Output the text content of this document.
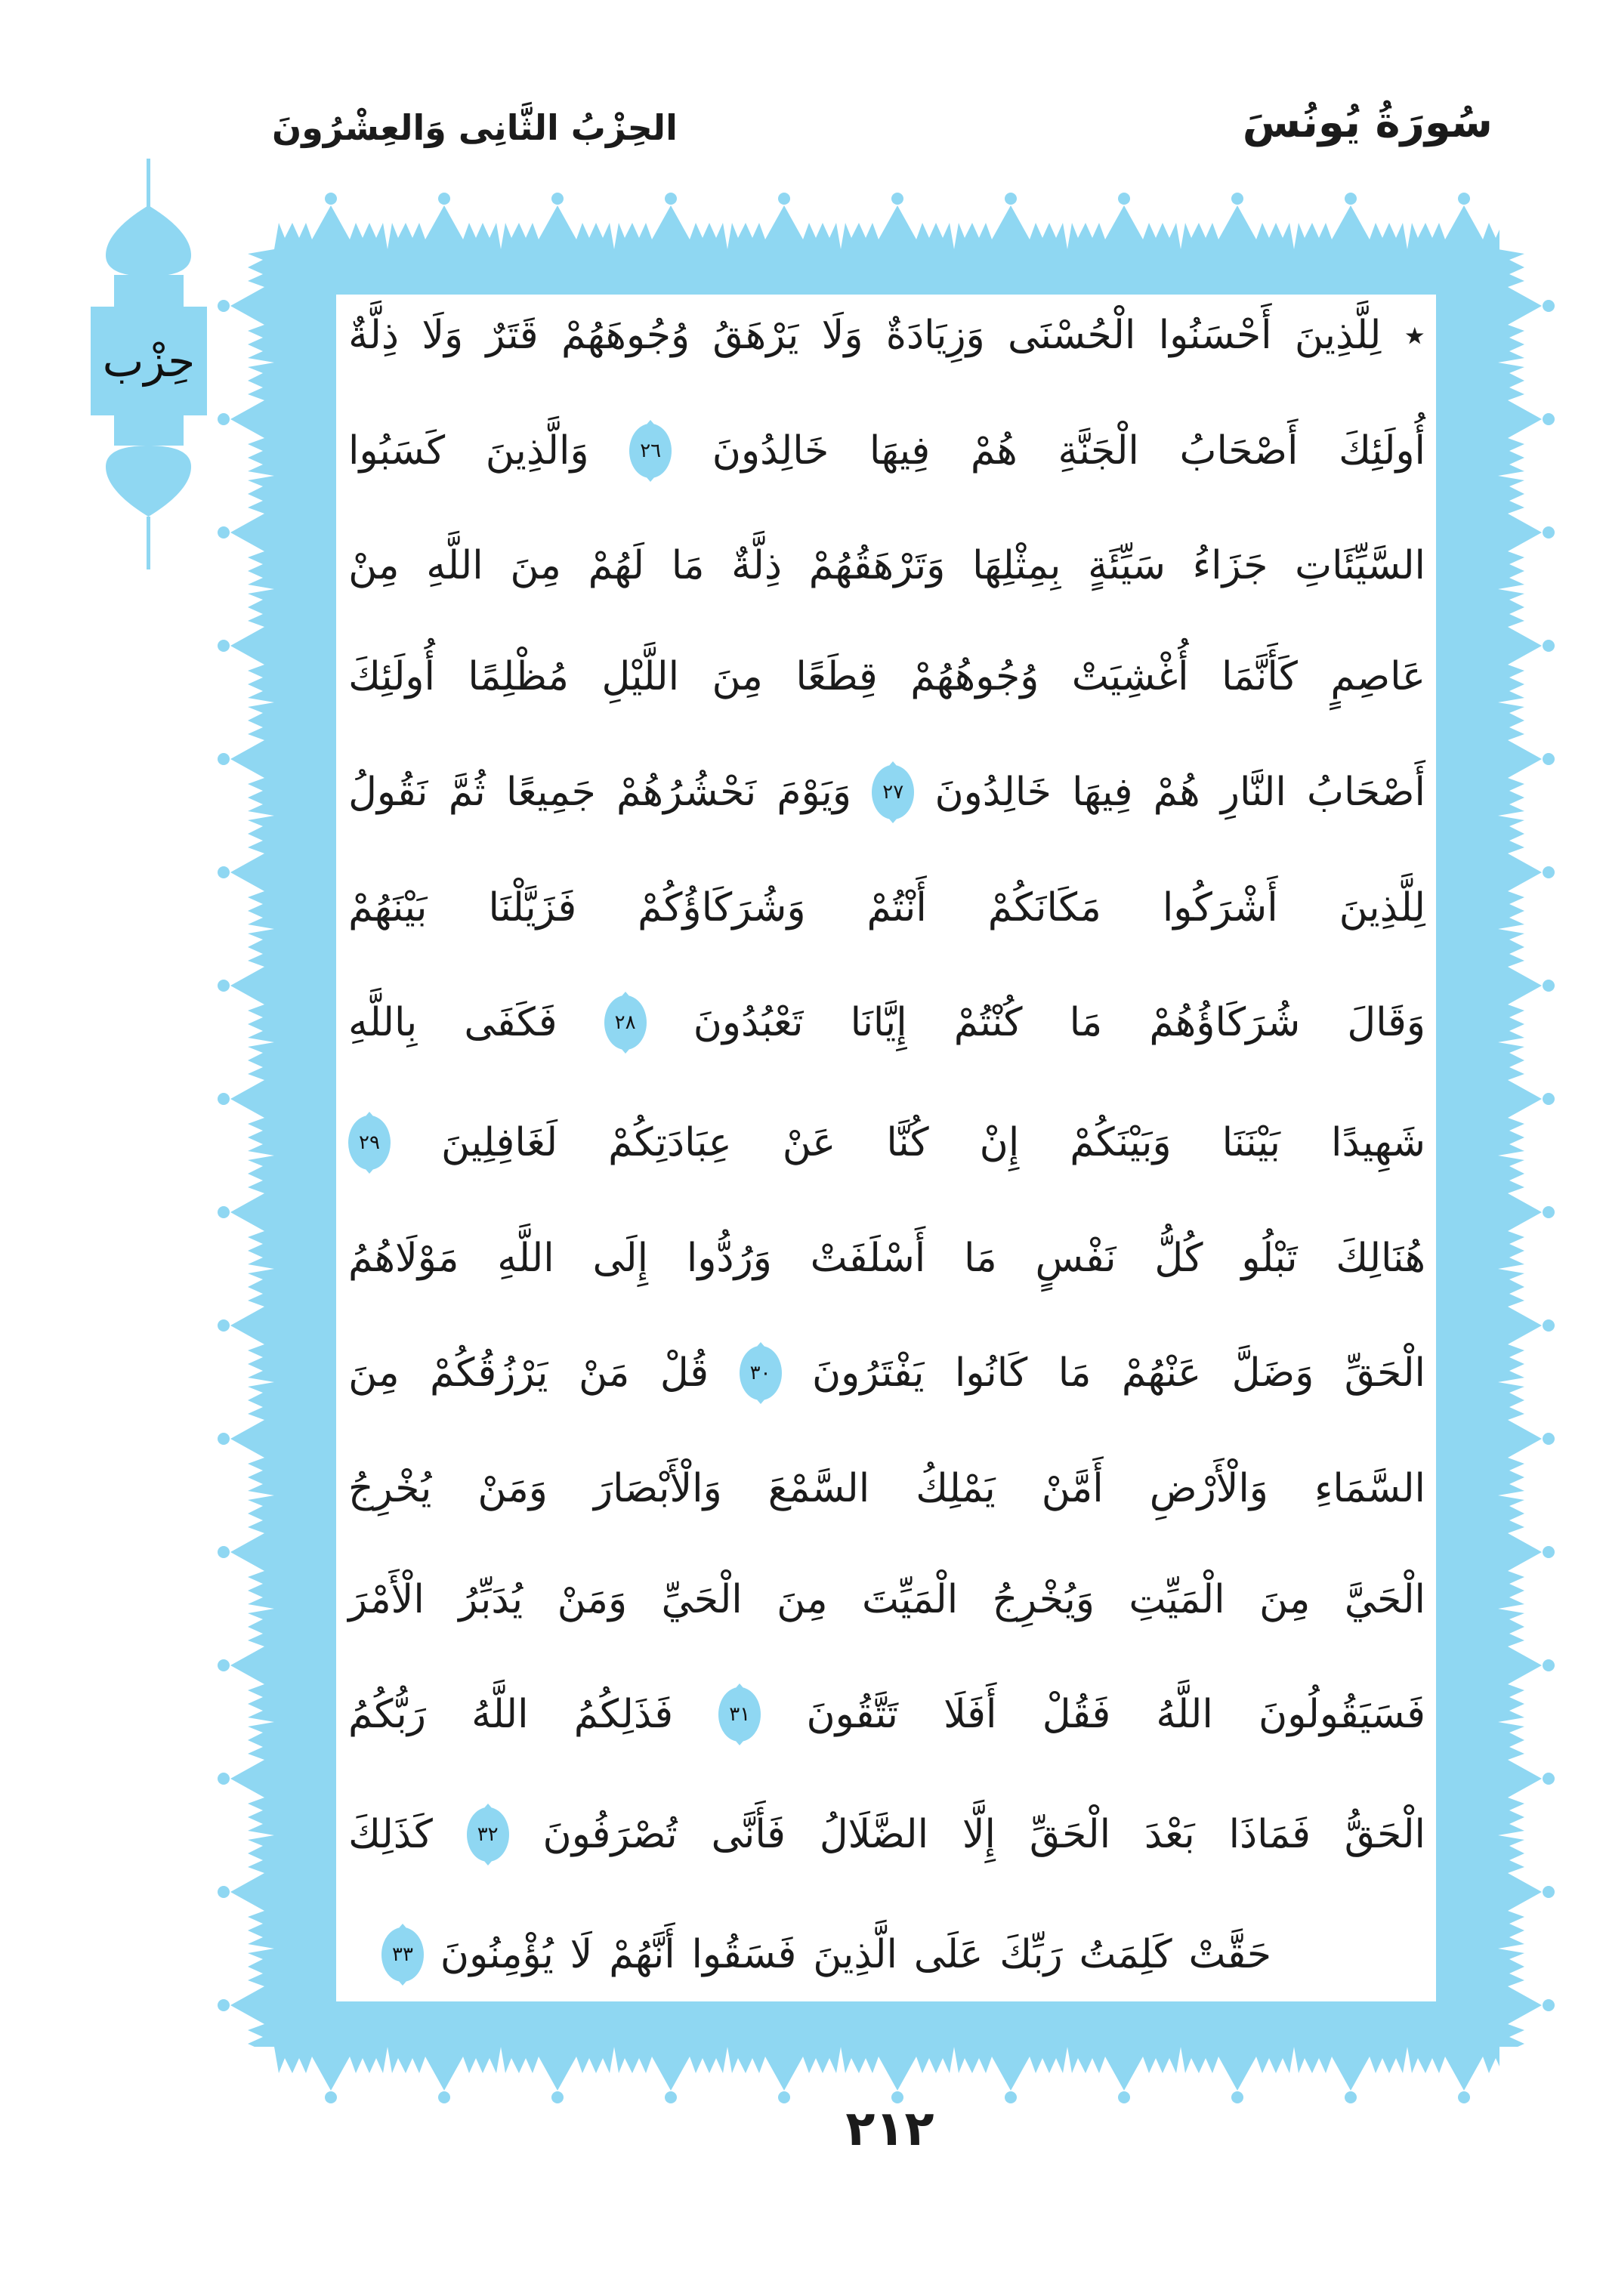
حِزْب
سُورَةُ يُونُسَ
الحِزْبُ الثَّانِى وَالعِشْرُونَ
٭
لِلَّذِينَ
أَحْسَنُوا
الْحُسْنَى
وَزِيَادَةٌ
وَلَا
يَرْهَقُ
وُجُوهَهُمْ
قَتَرٌ
وَلَا
ذِلَّةٌ
أُولَئِكَ
أَصْحَابُ
الْجَنَّةِ
هُمْ
فِيهَا
خَالِدُونَ
٢٦
وَالَّذِينَ
كَسَبُوا
السَّيِّئَاتِ
جَزَاءُ
سَيِّئَةٍ
بِمِثْلِهَا
وَتَرْهَقُهُمْ
ذِلَّةٌ
مَا
لَهُمْ
مِنَ
اللَّهِ
مِنْ
عَاصِمٍ
كَأَنَّمَا
أُغْشِيَتْ
وُجُوهُهُمْ
قِطَعًا
مِنَ
اللَّيْلِ
مُظْلِمًا
أُولَئِكَ
أَصْحَابُ
النَّارِ
هُمْ
فِيهَا
خَالِدُونَ
٢٧
وَيَوْمَ
نَحْشُرُهُمْ
جَمِيعًا
ثُمَّ
نَقُولُ
لِلَّذِينَ
أَشْرَكُوا
مَكَانَكُمْ
أَنْتُمْ
وَشُرَكَاؤُكُمْ
فَزَيَّلْنَا
بَيْنَهُمْ
وَقَالَ
شُرَكَاؤُهُمْ
مَا
كُنْتُمْ
إِيَّانَا
تَعْبُدُونَ
٢٨
فَكَفَى
بِاللَّهِ
شَهِيدًا
بَيْنَنَا
وَبَيْنَكُمْ
إِنْ
كُنَّا
عَنْ
عِبَادَتِكُمْ
لَغَافِلِينَ
٢٩
هُنَالِكَ
تَبْلُو
كُلُّ
نَفْسٍ
مَا
أَسْلَفَتْ
وَرُدُّوا
إِلَى
اللَّهِ
مَوْلَاهُمُ
الْحَقِّ
وَضَلَّ
عَنْهُمْ
مَا
كَانُوا
يَفْتَرُونَ
٣٠
قُلْ
مَنْ
يَرْزُقُكُمْ
مِنَ
السَّمَاءِ
وَالْأَرْضِ
أَمَّنْ
يَمْلِكُ
السَّمْعَ
وَالْأَبْصَارَ
وَمَنْ
يُخْرِجُ
الْحَيَّ
مِنَ
الْمَيِّتِ
وَيُخْرِجُ
الْمَيِّتَ
مِنَ
الْحَيِّ
وَمَنْ
يُدَبِّرُ
الْأَمْرَ
فَسَيَقُولُونَ
اللَّهُ
فَقُلْ
أَفَلَا
تَتَّقُونَ
٣١
فَذَلِكُمُ
اللَّهُ
رَبُّكُمُ
الْحَقُّ
فَمَاذَا
بَعْدَ
الْحَقِّ
إِلَّا
الضَّلَالُ
فَأَنَّى
تُصْرَفُونَ
٣٢
كَذَلِكَ
حَقَّتْ
كَلِمَتُ
رَبِّكَ
عَلَى
الَّذِينَ
فَسَقُوا
أَنَّهُمْ
لَا
يُؤْمِنُونَ
٣٣
٢١٢
